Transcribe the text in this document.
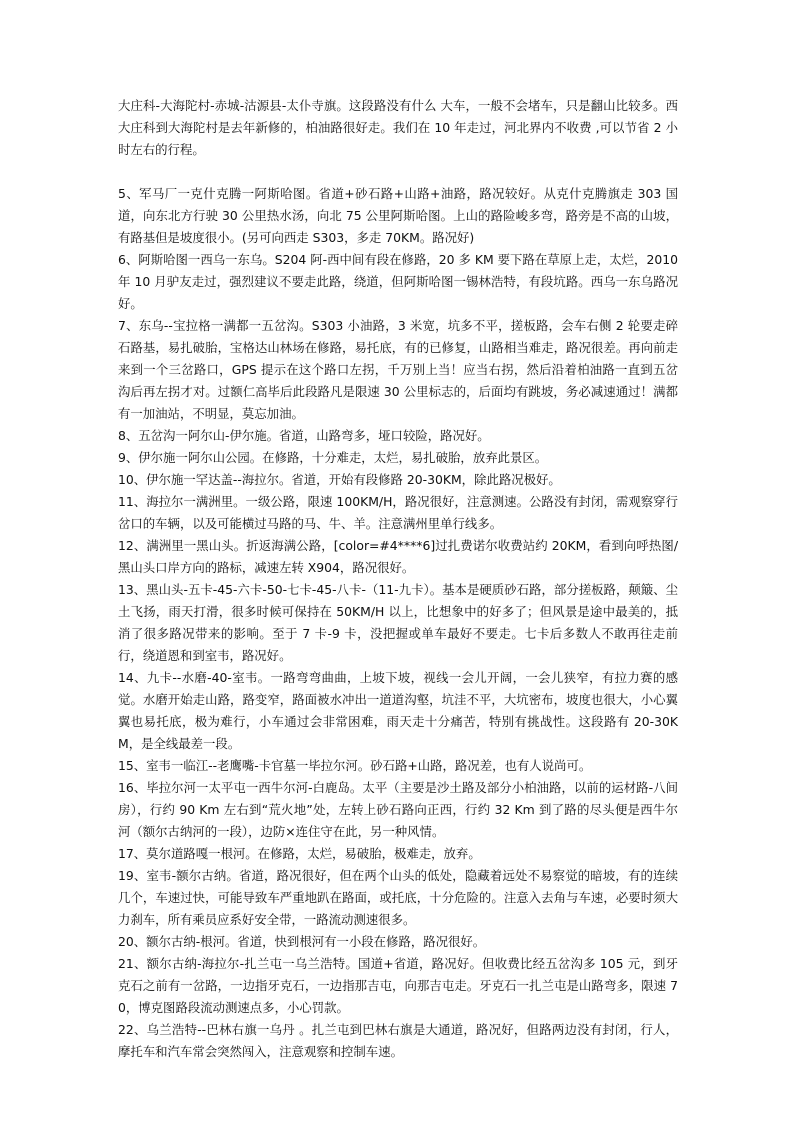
大庄科-大海陀村-赤城-沽源县-太仆寺旗。这段路没有什么 大车，一般不会堵车，只是翻山比较多。西大庄科到大海陀村是去年新修的，柏油路很好走。我们在 10 年走过，河北界内不收费 ,可以节省 2 小时左右的行程。

5、军马厂一克什克腾一阿斯哈图。省道+砂石路+山路+油路，路况较好。从克什克腾旗走 303 国道，向东北方行驶 30 公里热水汤，向北 75 公里阿斯哈图。上山的路险峻多弯，路旁是不高的山坡，有路基但是坡度很小。(另可向西走 S303，多走 70KM。路况好)

6、阿斯哈图一西乌一东乌。S204 阿-西中间有段在修路，20 多 KM 要下路在草原上走，太烂，2010 年 10 月驴友走过，强烈建议不要走此路，绕道，但阿斯哈图一锡林浩特，有段坑路。西乌一东乌路况好。

7、东乌--宝拉格一满都一五岔沟。S303 小油路，3 米宽，坑多不平，搓板路，会车右侧 2 轮要走碎石路基，易扎破胎，宝格达山林场在修路，易托底，有的已修复，山路相当难走，路况很差。再向前走来到一个三岔路口，GPS 提示在这个路口左拐，千万别上当！应当右拐，然后沿着柏油路一直到五岔沟后再左拐才对。过额仁高毕后此段路凡是限速 30 公里标志的，后面均有跳坡，务必减速通过！满都有一加油站，不明显，莫忘加油。

8、五岔沟一阿尔山-伊尔施。省道，山路弯多，垭口较险，路况好。

9、伊尔施一阿尔山公园。在修路，十分难走，太烂，易扎破胎，放弃此景区。

10、伊尔施一罕达盖--海拉尔。省道，开始有段修路 20-30KM，除此路况极好。

11、海拉尔一满洲里。一级公路，限速 100KM/H，路况很好，注意测速。公路没有封闭，需观察穿行岔口的车辆，以及可能横过马路的马、牛、羊。注意满州里单行线多。

12、满洲里一黑山头。折返海满公路，[color=#4****6]过扎费诺尔收费站约 20KM，看到向呼热图/黑山头口岸方向的路标，减速左转 X904，路况很好。

13、黑山头-五卡-45-六卡-50-七卡-45-八卡-（11-九卡）。基本是硬质砂石路，部分搓板路，颠簸、尘土飞扬，雨天打滑，很多时候可保持在 50KM/H 以上，比想象中的好多了；但风景是途中最美的，抵消了很多路况带来的影响。至于 7 卡-9 卡，没把握或单车最好不要走。七卡后多数人不敢再往走前行，绕道恩和到室韦，路况好。

14、九卡--水磨-40-室韦。一路弯弯曲曲，上坡下坡，视线一会儿开阔，一会儿狭窄，有拉力赛的感觉。水磨开始走山路，路变窄，路面被水冲出一道道沟壑，坑洼不平，大坑密布，坡度也很大，小心翼翼也易托底，极为难行，小车通过会非常困难，雨天走十分痛苦，特别有挑战性。这段路有 20-30KM，是全线最差一段。

15、室韦一临江--老鹰嘴-卡官墓一毕拉尔河。砂石路+山路，路况差，也有人说尚可。

16、毕拉尔河一太平屯一西牛尔河-白鹿岛。太平（主要是沙土路及部分小柏油路，以前的运材路-八间房），行约 90 Km 左右到“荒火地”处，左转上砂石路向正西，行约 32 Km 到了路的尽头便是西牛尔河（额尔古纳河的一段），边防×连住守在此，另一种风情。

17、莫尔道路嘎一根河。在修路，太烂，易破胎，极难走，放弃。

19、室韦-额尔古纳。省道，路况很好，但在两个山头的低处，隐藏着远处不易察觉的暗坡，有的连续几个，车速过快，可能导致车严重地趴在路面，或托底，十分危险的。注意入去角与车速，必要时须大力刹车，所有乘员应系好安全带，一路流动测速很多。

20、额尔古纳-根河。省道，快到根河有一小段在修路，路况很好。

21、额尔古纳-海拉尔-扎兰屯一乌兰浩特。国道+省道，路况好。但收费比经五岔沟多 105 元，到牙克石之前有一岔路，一边指牙克石，一边指那吉屯，向那吉屯走。牙克石一扎兰屯是山路弯多，限速 70，博克图路段流动测速点多，小心罚款。

22、乌兰浩特--巴林右旗一乌丹 。扎兰屯到巴林右旗是大通道，路况好，但路两边没有封闭，行人，摩托车和汽车常会突然闯入，注意观察和控制车速。
